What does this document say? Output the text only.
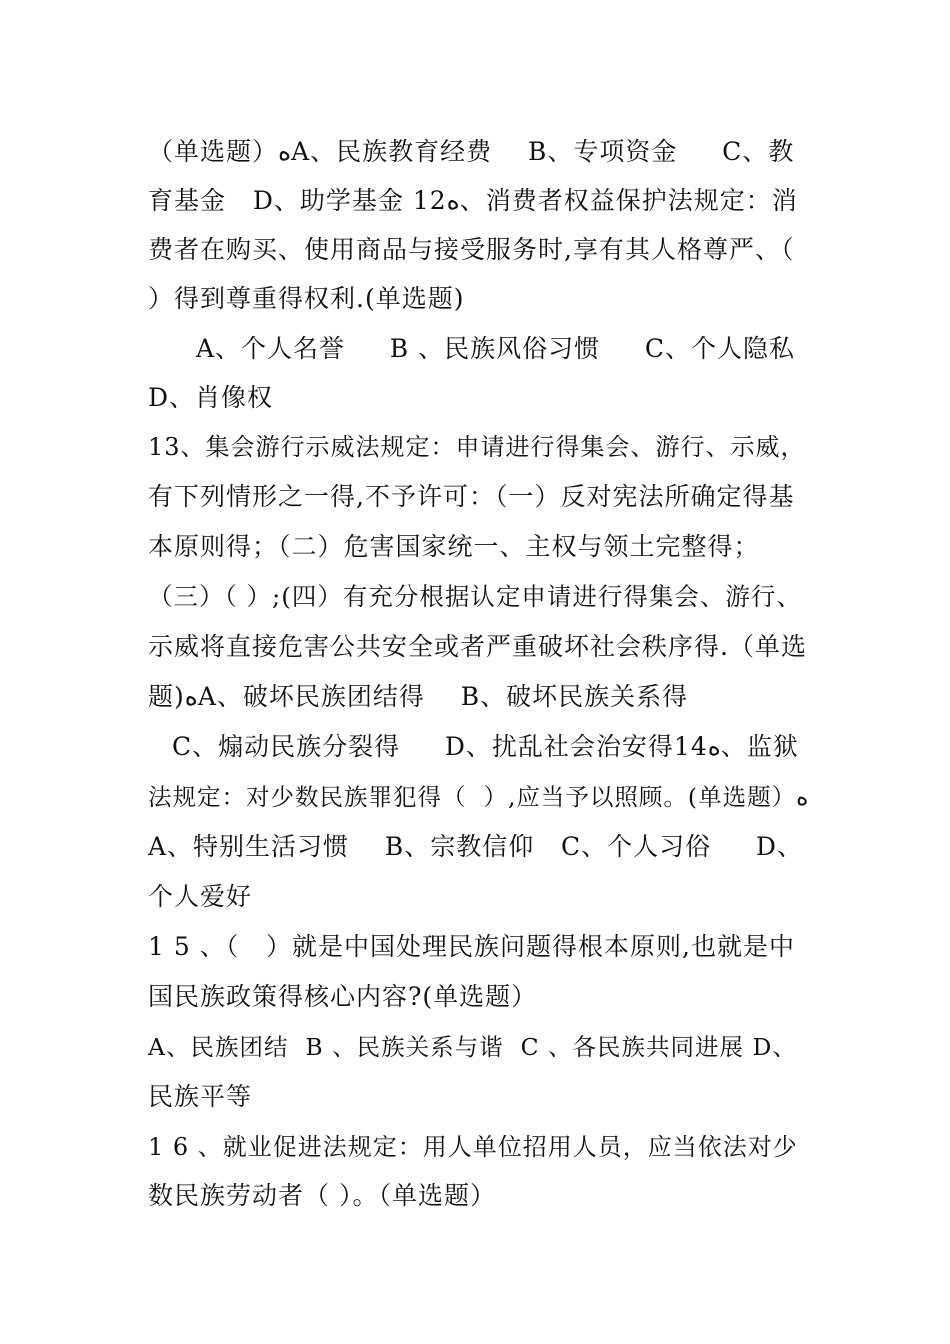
（单选题）ﻩA、民族教育经费    B、专项资金     C、教
育基金   D、助学基金 12ﻩ、消费者权益保护法规定：消
费者在购买、使用商品与接受服务时,享有其人格尊严、（
）得到尊重得权利.(单选题)
A、个人名誉     B 、民族风俗习惯     C、个人隐私
D、肖像权
13、集会游行示威法规定：申请进行得集会、游行、示威，
有下列情形之一得,不予许可：（一）反对宪法所确定得基
本原则得；（二）危害国家统一、主权与领土完整得；
（三）（ ）;(四）有充分根据认定申请进行得集会、游行、
示威将直接危害公共安全或者严重破坏社会秩序得.（单选
题)ﻩA、破坏民族团结得    B、破坏民族关系得
C、煽动民族分裂得     D、扰乱社会治安得14ﻩ、监狱
法规定：对少数民族罪犯得（  ）,应当予以照顾。(单选题）ﻩ
A、特别生活习惯    B、宗教信仰   C、个人习俗     D、
个人爱好
1 5 、（   ）就是中国处理民族问题得根本原则,也就是中
国民族政策得核心内容?(单选题）
A、民族团结  B 、民族关系与谐  C 、各民族共同进展 D、
民族平等
1 6 、就业促进法规定：用人单位招用人员，应当依法对少
数民族劳动者（ ）。（单选题）
